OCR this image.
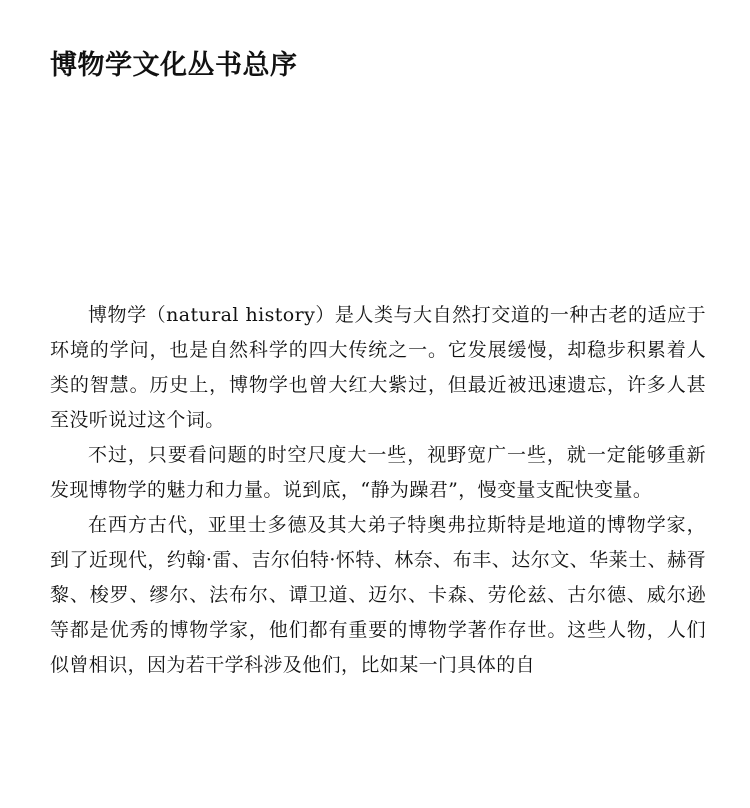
博物学文化丛书总序

博物学（natural history）是人类与大自然打交道的一种古老的适应于环境的学问，也是自然科学的四大传统之一。它发展缓慢，却稳步积累着人类的智慧。历史上，博物学也曾大红大紫过，但最近被迅速遗忘，许多人甚至没听说过这个词。

不过，只要看问题的时空尺度大一些，视野宽广一些，就一定能够重新发现博物学的魅力和力量。说到底，“静为躁君”，慢变量支配快变量。

在西方古代，亚里士多德及其大弟子特奥弗拉斯特是地道的博物学家，到了近现代，约翰·雷、吉尔伯特·怀特、林奈、布丰、达尔文、华莱士、赫胥黎、梭罗、缪尔、法布尔、谭卫道、迈尔、卡森、劳伦兹、古尔德、威尔逊等都是优秀的博物学家，他们都有重要的博物学著作存世。这些人物，人们似曾相识，因为若干学科涉及他们，比如某一门具体的自
